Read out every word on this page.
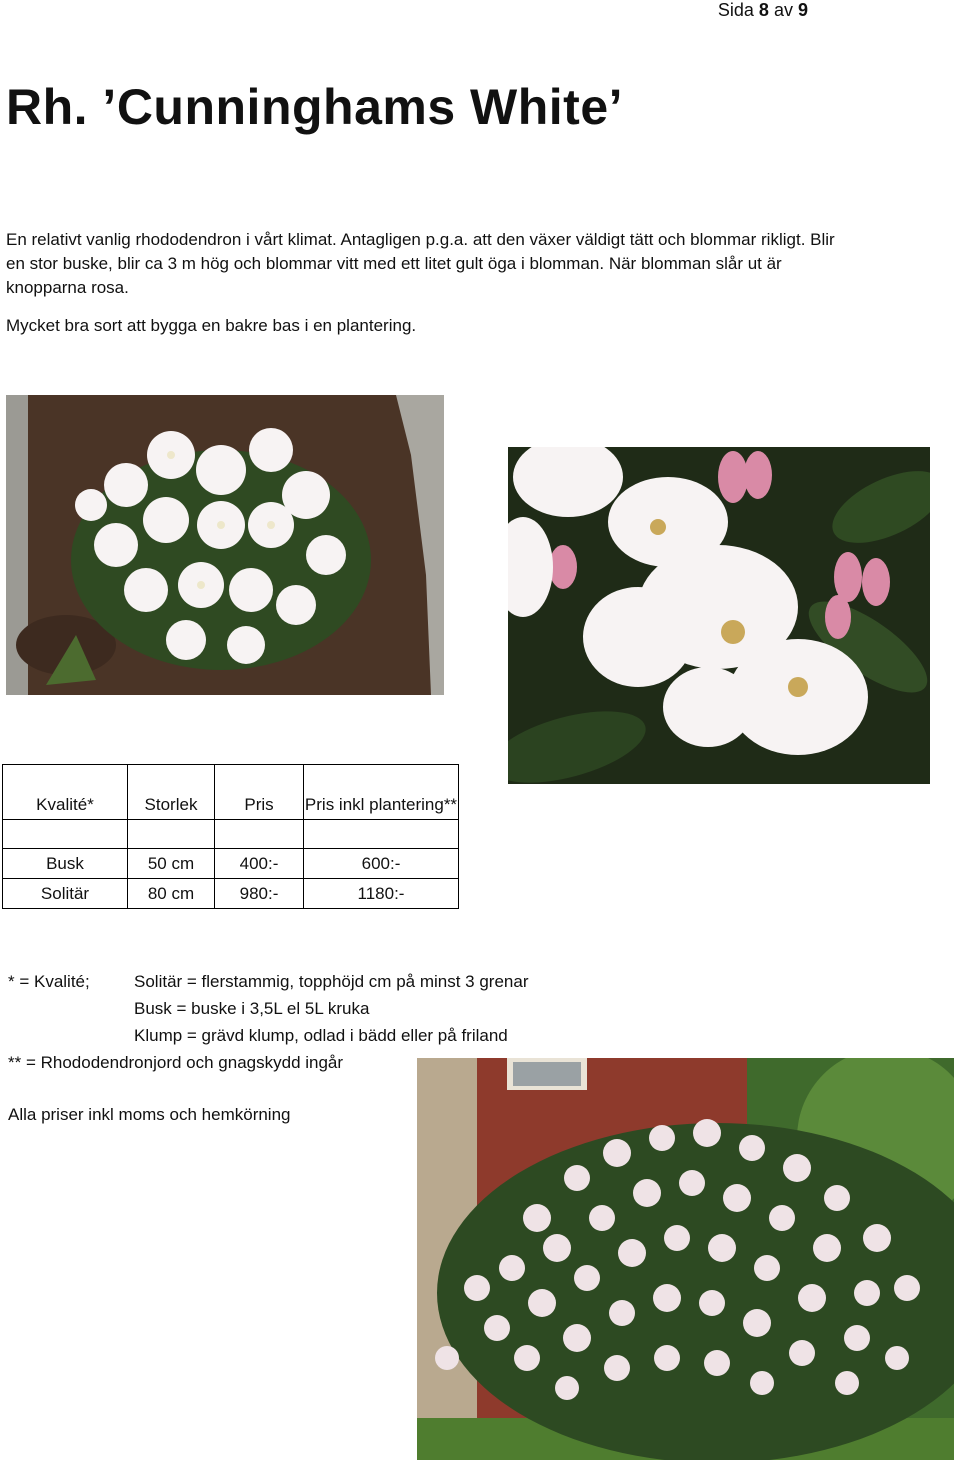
Sida 8 av 9
Rh. ’Cunninghams White’

En relativt vanlig rhododendron i vårt klimat. Antagligen p.g.a. att den växer väldigt tätt och blommar rikligt. Blir en stor buske, blir ca 3 m hög och blommar vitt med ett litet gult öga i blomman. När blomman slår ut är knopparna rosa.

Mycket bra sort att bygga en bakre bas i en plantering.

Kvalité*	Storlek	Pris	Pris inkl plantering**

Busk	50 cm	400:-	600:-
Solitär	80 cm	980:-	1180:-
* = Kvalité;	Solitär = flerstammig, topphöjd cm på minst 3 grenar
Busk = buske i 3,5L el 5L kruka
Klump = grävd klump, odlad i bädd eller på friland
** = Rhododendronjord och gnagskydd ingår
Alla priser inkl moms och hemkörning
